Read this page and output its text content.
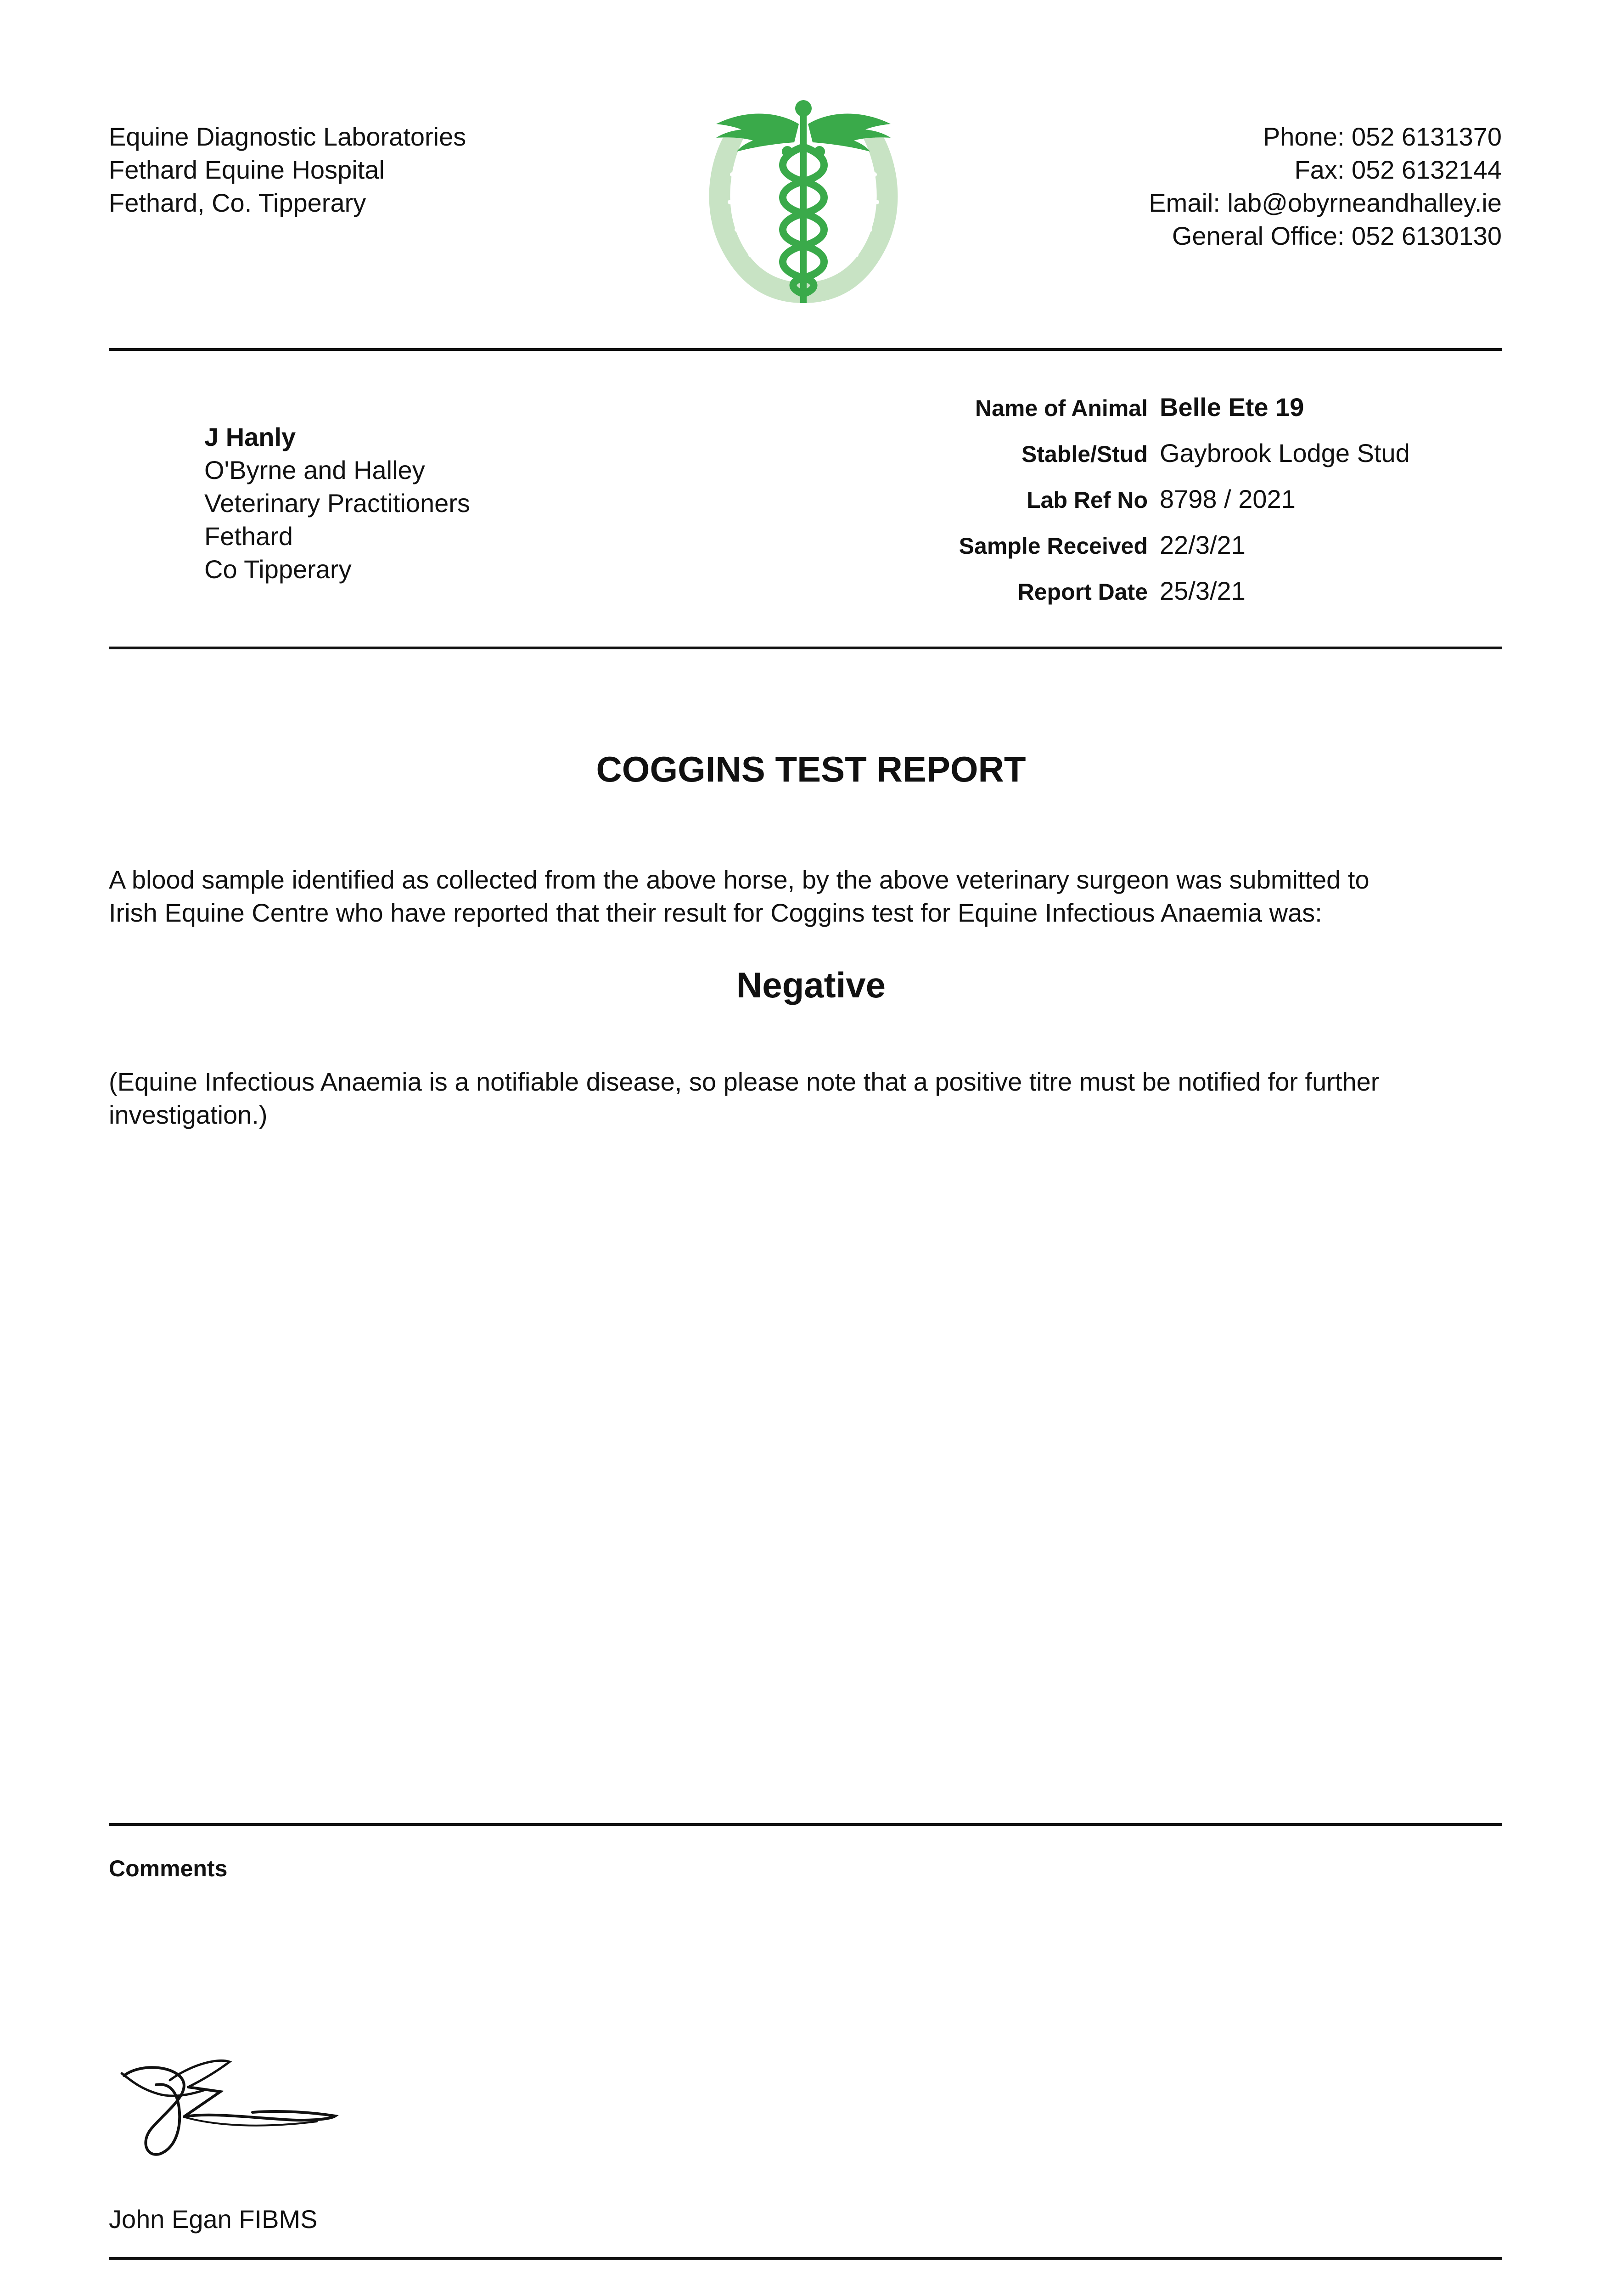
Equine Diagnostic Laboratories
Fethard Equine Hospital
Fethard, Co. Tipperary
Phone: 052 6131370
Fax: 052 6132144
Email: lab@obyrneandhalley.ie
General Office: 052 6130130
J Hanly
O'Byrne and Halley
Veterinary Practitioners
Fethard
Co Tipperary
Name of Animal Belle Ete 19
Stable/Stud Gaybrook Lodge Stud
Lab Ref No 8798 / 2021
Sample Received 22/3/21
Report Date 25/3/21
COGGINS TEST REPORT
A blood sample identified as collected from the above horse, by the above veterinary surgeon was submitted to
Irish Equine Centre who have reported that their result for Coggins test for Equine Infectious Anaemia was:
Negative
(Equine Infectious Anaemia is a notifiable disease, so please note that a positive titre must be notified for further
investigation.)
Comments
John Egan FIBMS
